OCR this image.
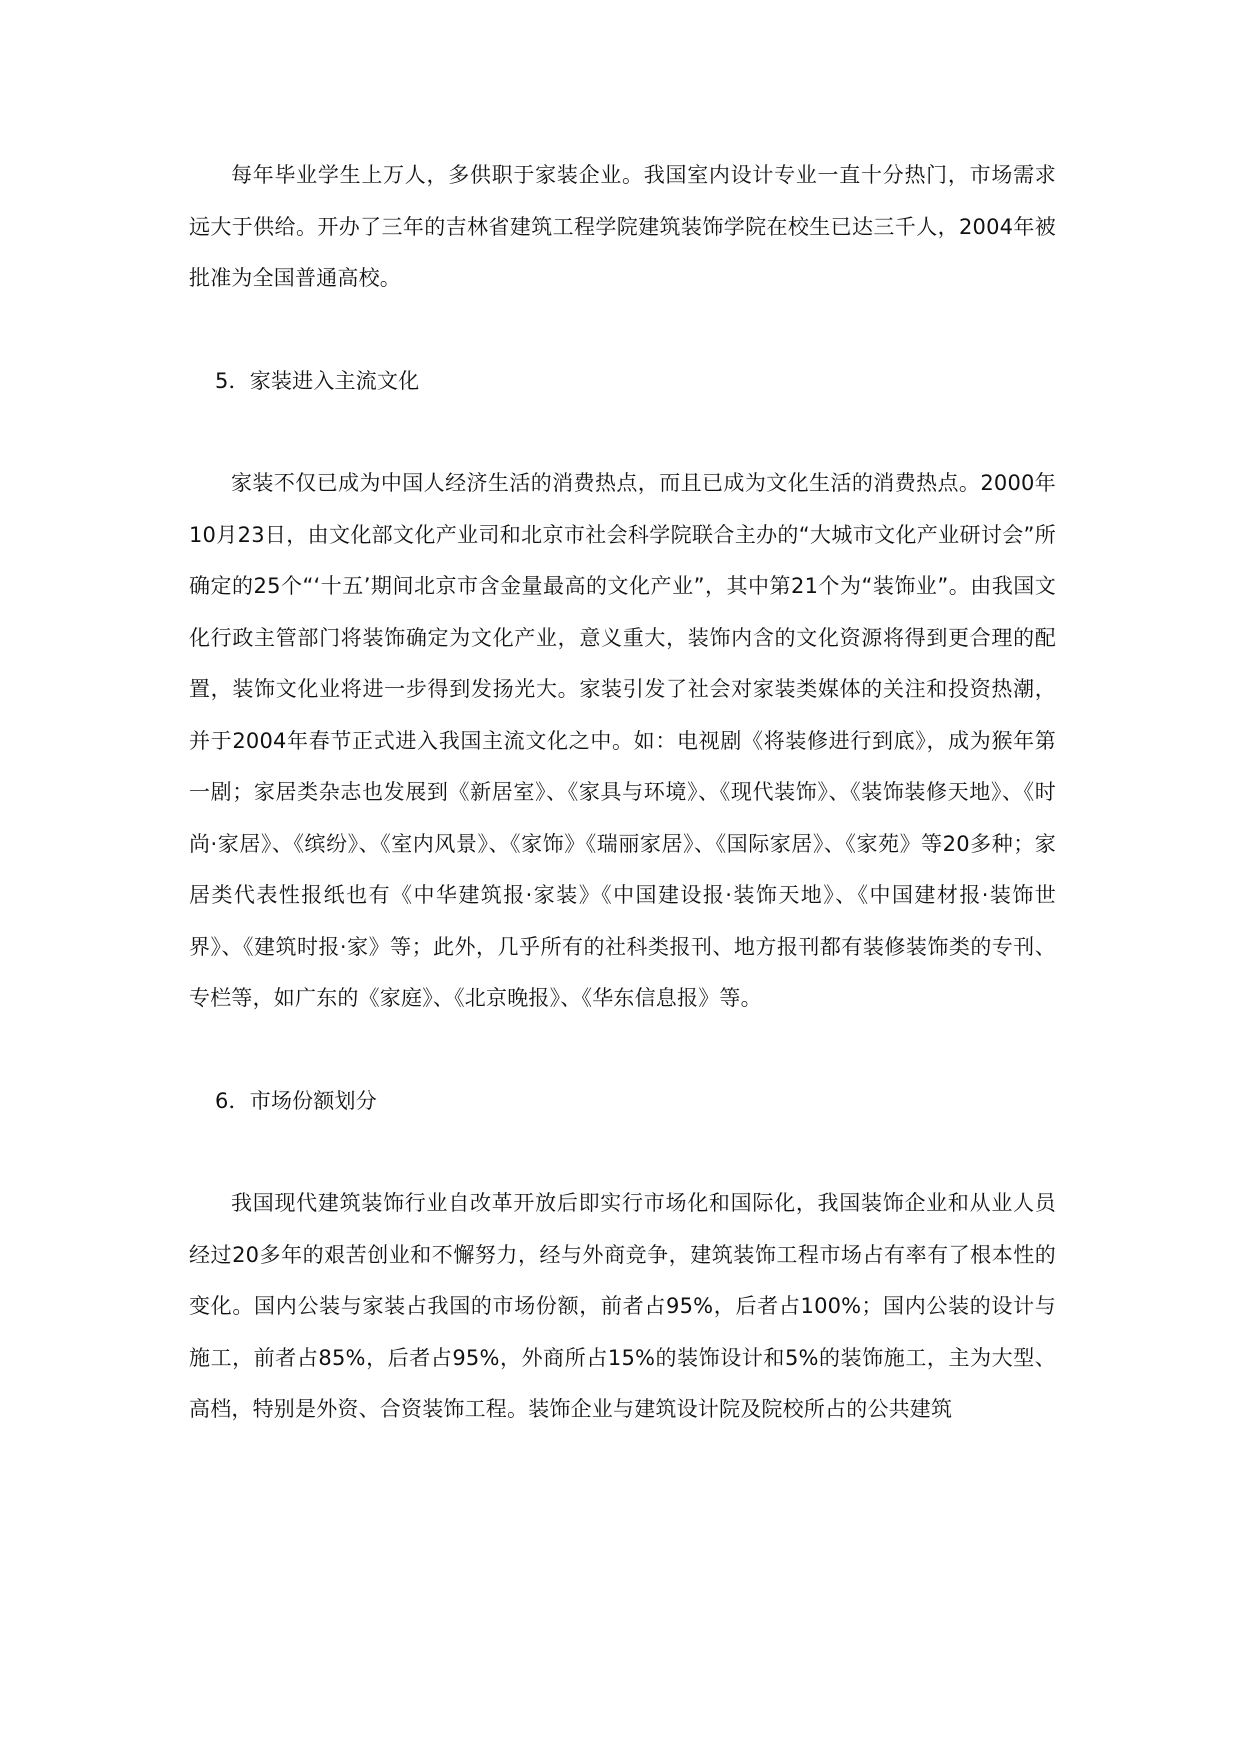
每年毕业学生上万人，多供职于家装企业。我国室内设计专业一直十分热门，市场需求远大于供给。开办了三年的吉林省建筑工程学院建筑装饰学院在校生已达三千人，2004年被批准为全国普通高校。

5．家装进入主流文化

家装不仅已成为中国人经济生活的消费热点，而且已成为文化生活的消费热点。2000年10月23日，由文化部文化产业司和北京市社会科学院联合主办的“大城市文化产业研讨会”所确定的25个“‘十五’期间北京市含金量最高的文化产业”，其中第21个为“装饰业”。由我国文化行政主管部门将装饰确定为文化产业，意义重大，装饰内含的文化资源将得到更合理的配置，装饰文化业将进一步得到发扬光大。家装引发了社会对家装类媒体的关注和投资热潮，并于2004年春节正式进入我国主流文化之中。如：电视剧《将装修进行到底》，成为猴年第一剧；家居类杂志也发展到《新居室》、《家具与环境》、《现代装饰》、《装饰装修天地》、《时尚·家居》、《缤纷》、《室内风景》、《家饰》《瑞丽家居》、《国际家居》、《家苑》等20多种；家居类代表性报纸也有《中华建筑报·家装》《中国建设报·装饰天地》、《中国建材报·装饰世界》、《建筑时报·家》等；此外，几乎所有的社科类报刊、地方报刊都有装修装饰类的专刊、专栏等，如广东的《家庭》、《北京晚报》、《华东信息报》等。

6．市场份额划分

我国现代建筑装饰行业自改革开放后即实行市场化和国际化，我国装饰企业和从业人员经过20多年的艰苦创业和不懈努力，经与外商竞争，建筑装饰工程市场占有率有了根本性的变化。国内公装与家装占我国的市场份额，前者占95%，后者占100%；国内公装的设计与施工，前者占85%，后者占95%，外商所占15%的装饰设计和5%的装饰施工，主为大型、高档，特别是外资、合资装饰工程。装饰企业与建筑设计院及院校所占的公共建筑
